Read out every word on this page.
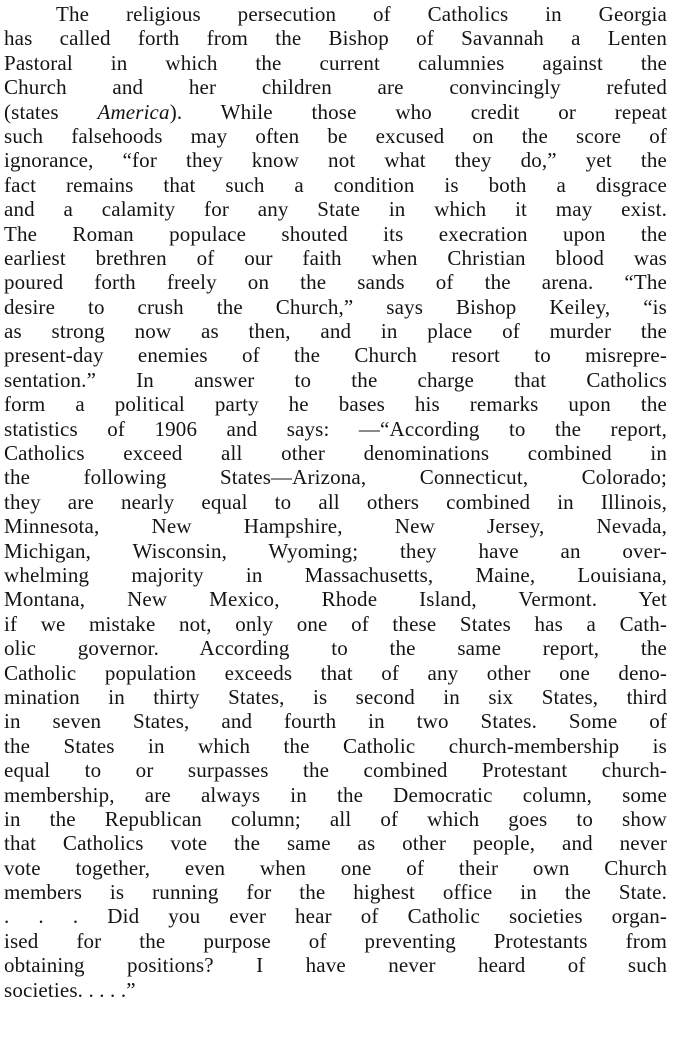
The religious persecution of Catholics in Georgia
has called forth from the Bishop of Savannah a Lenten
Pastoral in which the current calumnies against the
Church and her children are convincingly refuted
(states America). While those who credit or repeat
such falsehoods may often be excused on the score of
ignorance, “for they know not what they do,” yet the
fact remains that such a condition is both a disgrace
and a calamity for any State in which it may exist.
The Roman populace shouted its execration upon the
earliest brethren of our faith when Christian blood was
poured forth freely on the sands of the arena. “The
desire to crush the Church,” says Bishop Keiley, “is
as strong now as then, and in place of murder the
present-day enemies of the Church resort to misrepre-
sentation.” In answer to the charge that Catholics
form a political party he bases his remarks upon the
statistics of 1906 and says: —“According to the report,
Catholics exceed all other denominations combined in
the following States—Arizona, Connecticut, Colorado;
they are nearly equal to all others combined in Illinois,
Minnesota, New Hampshire, New Jersey, Nevada,
Michigan, Wisconsin, Wyoming; they have an over-
whelming majority in Massachusetts, Maine, Louisiana,
Montana, New Mexico, Rhode Island, Vermont. Yet
if we mistake not, only one of these States has a Cath-
olic governor. According to the same report, the
Catholic population exceeds that of any other one deno-
mination in thirty States, is second in six States, third
in seven States, and fourth in two States. Some of
the States in which the Catholic church-membership is
equal to or surpasses the combined Protestant church-
membership, are always in the Democratic column, some
in the Republican column; all of which goes to show
that Catholics vote the same as other people, and never
vote together, even when one of their own Church
members is running for the highest office in the State.
. . . Did you ever hear of Catholic societies organ-
ised for the purpose of preventing Protestants from
obtaining positions? I have never heard of such
societies. . . . .”
